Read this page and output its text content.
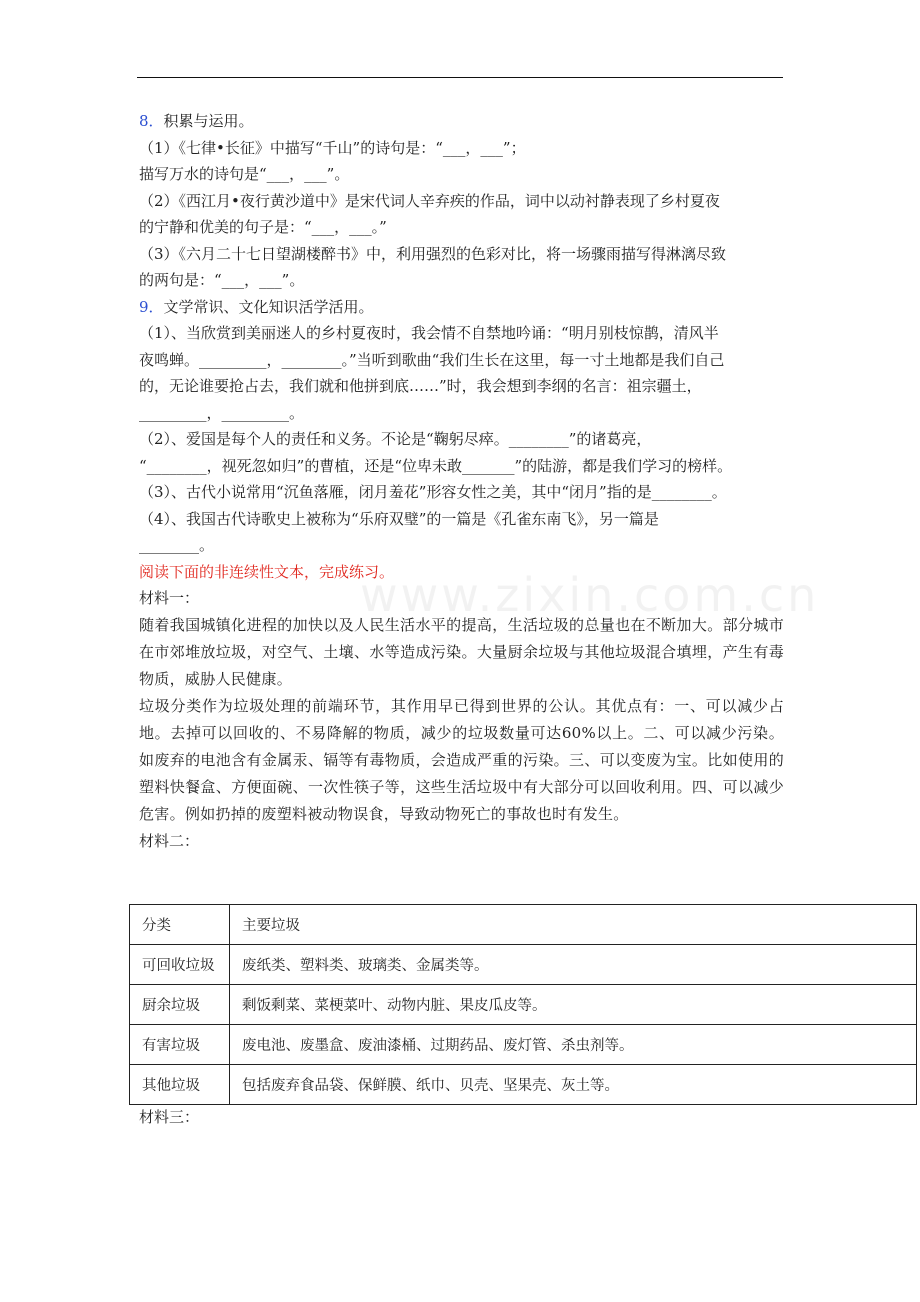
www.zixin.com.cn
8．积累与运用。
（1）《七律•长征》中描写“千山”的诗句是：“___，___”；
描写万水的诗句是“___，___”。
（2）《西江月•夜行黄沙道中》是宋代词人辛弃疾的作品，词中以动衬静表现了乡村夏夜
的宁静和优美的句子是：“___，___。”
（3）《六月二十七日望湖楼醉书》中，利用强烈的色彩对比，将一场骤雨描写得淋漓尽致
的两句是：“___，___”。
9．文学常识、文化知识活学活用。
（1）、当欣赏到美丽迷人的乡村夏夜时，我会情不自禁地吟诵：“明月别枝惊鹊，清风半
夜鸣蝉。_________，________。”当听到歌曲“我们生长在这里，每一寸土地都是我们自己
的，无论谁要抢占去，我们就和他拼到底……”时，我会想到李纲的名言：祖宗疆土，
_________，_________。
（2）、爱国是每个人的责任和义务。不论是“鞠躬尽瘁。________”的诸葛亮，
“________，视死忽如归”的曹植，还是“位卑未敢_______”的陆游，都是我们学习的榜样。
（3）、古代小说常用“沉鱼落雁，闭月羞花”形容女性之美，其中“闭月”指的是________。
（4）、我国古代诗歌史上被称为“乐府双璧”的一篇是《孔雀东南飞》，另一篇是
________。
阅读下面的非连续性文本，完成练习。
材料一：
随着我国城镇化进程的加快以及人民生活水平的提高，生活垃圾的总量也在不断加大。部分城市在市郊堆放垃圾，对空气、土壤、水等造成污染。大量厨余垃圾与其他垃圾混合填埋，产生有毒物质，威胁人民健康。
垃圾分类作为垃圾处理的前端环节，其作用早已得到世界的公认。其优点有：一、可以减少占地。去掉可以回收的、不易降解的物质，减少的垃圾数量可达60%以上。二、可以减少污染。如废弃的电池含有金属汞、镉等有毒物质，会造成严重的污染。三、可以变废为宝。比如使用的塑料快餐盒、方便面碗、一次性筷子等，这些生活垃圾中有大部分可以回收利用。四、可以减少危害。例如扔掉的废塑料被动物误食，导致动物死亡的事故也时有发生。
材料二：
分类	主要垃圾
可回收垃圾	废纸类、塑料类、玻璃类、金属类等。
厨余垃圾	剩饭剩菜、菜梗菜叶、动物内脏、果皮瓜皮等。
有害垃圾	废电池、废墨盒、废油漆桶、过期药品、废灯管、杀虫剂等。
其他垃圾	包括废弃食品袋、保鲜膜、纸巾、贝壳、坚果壳、灰土等。
材料三：
